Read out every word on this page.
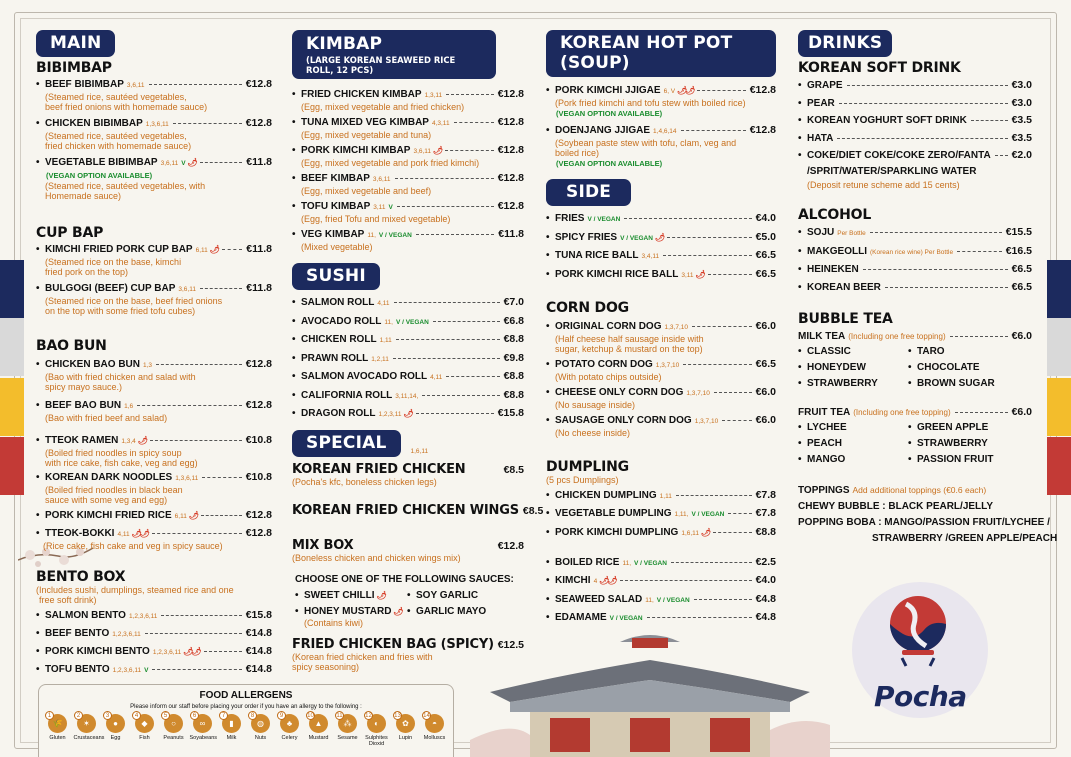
MAIN
BIBIMBAP
• BEEF BIBIMBAP 3,6,11	€12.8
(Steamed rice, sautéed vegetables,
beef fried onions with homemade sauce)
• CHICKEN BIBIMBAP 1,3,6,11	€12.8
(Steamed rice, sautéed vegetables,
fried chicken with homemade sauce)
• VEGETABLE BIBIMBAP 3,6,11 V 🌶	€11.8
(VEGAN OPTION AVAILABLE)
(Steamed rice, sautéed vegetables, with
Homemade sauce)
CUP BAP
• KIMCHI FRIED PORK CUP BAP 6,11 🌶	€11.8
(Steamed rice on the base, kimchi
fried pork on the top)
• BULGOGI (BEEF) CUP BAP 3,6,11	€11.8
(Steamed rice on the base, beef fried onions
on the top with some fried tofu cubes)
BAO BUN
• CHICKEN BAO BUN 1,3	€12.8
(Bao with fried chicken and salad with
spicy mayo sauce.)
• BEEF BAO BUN 1,6	€12.8
(Bao with fried beef and salad)
• TTEOK RAMEN 1,3,4 🌶	€10.8
(Boiled fried noodles in spicy soup
with rice cake, fish cake, veg and egg)
• KOREAN DARK NOODLES 1,3,6,11	€10.8
(Boiled fried noodles in black bean
sauce with some veg and egg)
• PORK KIMCHI FRIED RICE 6,11 🌶	€12.8
• TTEOK-BOKKI 4,11 🌶🌶	€12.8
(Rice cake, fish cake and veg in spicy sauce)
BENTO BOX
(Includes sushi, dumplings, steamed rice and one
free soft drink)
• SALMON BENTO 1,2,3,6,11	€15.8
• BEEF BENTO 1,2,3,6,11	€14.8
• PORK KIMCHI BENTO 1,2,3,6,11 🌶🌶	€14.8
• TOFU BENTO 1,2,3,6,11 V	€14.8
KIMBAP
(LARGE KOREAN SEAWEED RICE ROLL, 12 PCS)
• FRIED CHICKEN KIMBAP 1,3,11	€12.8
(Egg, mixed vegetable and fried chicken)
• TUNA MIXED VEG KIMBAP 4,3,11	€12.8
(Egg, mixed vegetable and tuna)
• PORK KIMCHI KIMBAP 3,6,11 🌶	€12.8
(Egg, mixed vegetable and pork fried kimchi)
• BEEF KIMBAP 3,6,11	€12.8
(Egg, mixed vegetable and beef)
• TOFU KIMBAP 3,11 V	€12.8
(Egg, fried Tofu and mixed vegetable)
• VEG KIMBAP 11, V / VEGAN	€11.8
(Mixed vegetable)
SUSHI
• SALMON ROLL 4,11	€7.0
• AVOCADO ROLL 11, V / VEGAN	€6.8
• CHICKEN ROLL 1,11	€8.8
• PRAWN ROLL 1,2,11	€9.8
• SALMON AVOCADO ROLL 4,11	€8.8
• CALIFORNIA ROLL 3,11,14,	€8.8
• DRAGON ROLL 1,2,3,11 🌶	€15.8
SPECIAL	1,6,11
KOREAN FRIED CHICKEN	€8.5
(Pocha's kfc, boneless chicken legs)
KOREAN FRIED CHICKEN WINGS €8.5
MIX BOX	€12.8
(Boneless chicken and chicken wings mix)
CHOOSE ONE OF THE FOLLOWING SAUCES:
• SWEET CHILLI 🌶
• HONEY MUSTARD 🌶
(Contains kiwi)
• SOY GARLIC
• GARLIC MAYO
FRIED CHICKEN BAG (SPICY) €12.5
(Korean fried chicken and fries with
spicy seasoning)
KOREAN HOT POT (SOUP)
• PORK KIMCHI JJIGAE 6, V 🌶🌶	€12.8
(Pork fried kimchi and tofu stew with boiled rice)
(VEGAN OPTION AVAILABLE)
• DOENJANG JJIGAE 1,4,6,14	€12.8
(Soybean paste stew with tofu, clam, veg and
boiled rice)
(VEGAN OPTION AVAILABLE)
SIDE
• FRIES V / VEGAN	€4.0
• SPICY FRIES V / VEGAN 🌶	€5.0
• TUNA RICE BALL 3,4,11	€6.5
• PORK KIMCHI RICE BALL 3,11 🌶	€6.5
CORN DOG
• ORIGINAL CORN DOG 1,3,7,10	€6.0
(Half cheese half sausage inside with
sugar, ketchup & mustard on the top)
• POTATO CORN DOG 1,3,7,10	€6.5
(With potato chips outside)
• CHEESE ONLY CORN DOG 1,3,7,10	€6.0
(No sausage inside)
• SAUSAGE ONLY CORN DOG 1,3,7,10	€6.0
(No cheese inside)
DUMPLING
(5 pcs Dumplings)
• CHICKEN DUMPLING 1,11	€7.8
• VEGETABLE DUMPLING 1,11, V / VEGAN	€7.8
• PORK KIMCHI DUMPLING 1,6,11 🌶	€8.8
• BOILED RICE 11, V / VEGAN	€2.5
• KIMCHI 4 🌶🌶	€4.0
• SEAWEED SALAD 11, V / VEGAN	€4.8
• EDAMAME V / VEGAN	€4.8
DRINKS
KOREAN SOFT DRINK
• GRAPE	€3.0
• PEAR	€3.0
• KOREAN YOGHURT SOFT DRINK	€3.5
• HATA	€3.5
• COKE/DIET COKE/COKE ZERO/FANTA €2.0
/SPRIT/WATER/SPARKLING WATER
(Deposit retune scheme add 15 cents)
ALCOHOL
• SOJU Per Bottle	€15.5
• MAKGEOLLI (Korean rice wine) Per Bottle	€16.5
• HEINEKEN	€6.5
• KOREAN BEER	€6.5
BUBBLE TEA
MILK TEA (Including one free topping)	€6.0
• CLASSIC
• HONEYDEW
• STRAWBERRY
• TARO
• CHOCOLATE
• BROWN SUGAR
FRUIT TEA (Including one free topping)	€6.0
• LYCHEE
• PEACH
• MANGO
• GREEN APPLE
• STRAWBERRY
• PASSION FRUIT
TOPPINGS Add additional toppings (€0.6 each)
CHEWY BUBBLE : BLACK PEARL/JELLY
POPPING BOBA : MANGO/PASSION FRUIT/LYCHEE /
STRAWBERRY /GREEN APPLE/PEACH
Pocha
FOOD ALLERGENS
Please inform our staff before placing your order if you have an allergy to the following :
🌾
1
Gluten
✶
2
Crustaceans
●
3
Egg
◆
4
Fish
○
5
Peanuts
∞
6
Soyabeans
▮
7
Milk
◍
8
Nuts
♣
9
Celery
▲
10
Mustard
⁂
11
Sesame
◐
12
Sulphites Dioxid
✿
13
Lupin
◓
14
Molluscs
